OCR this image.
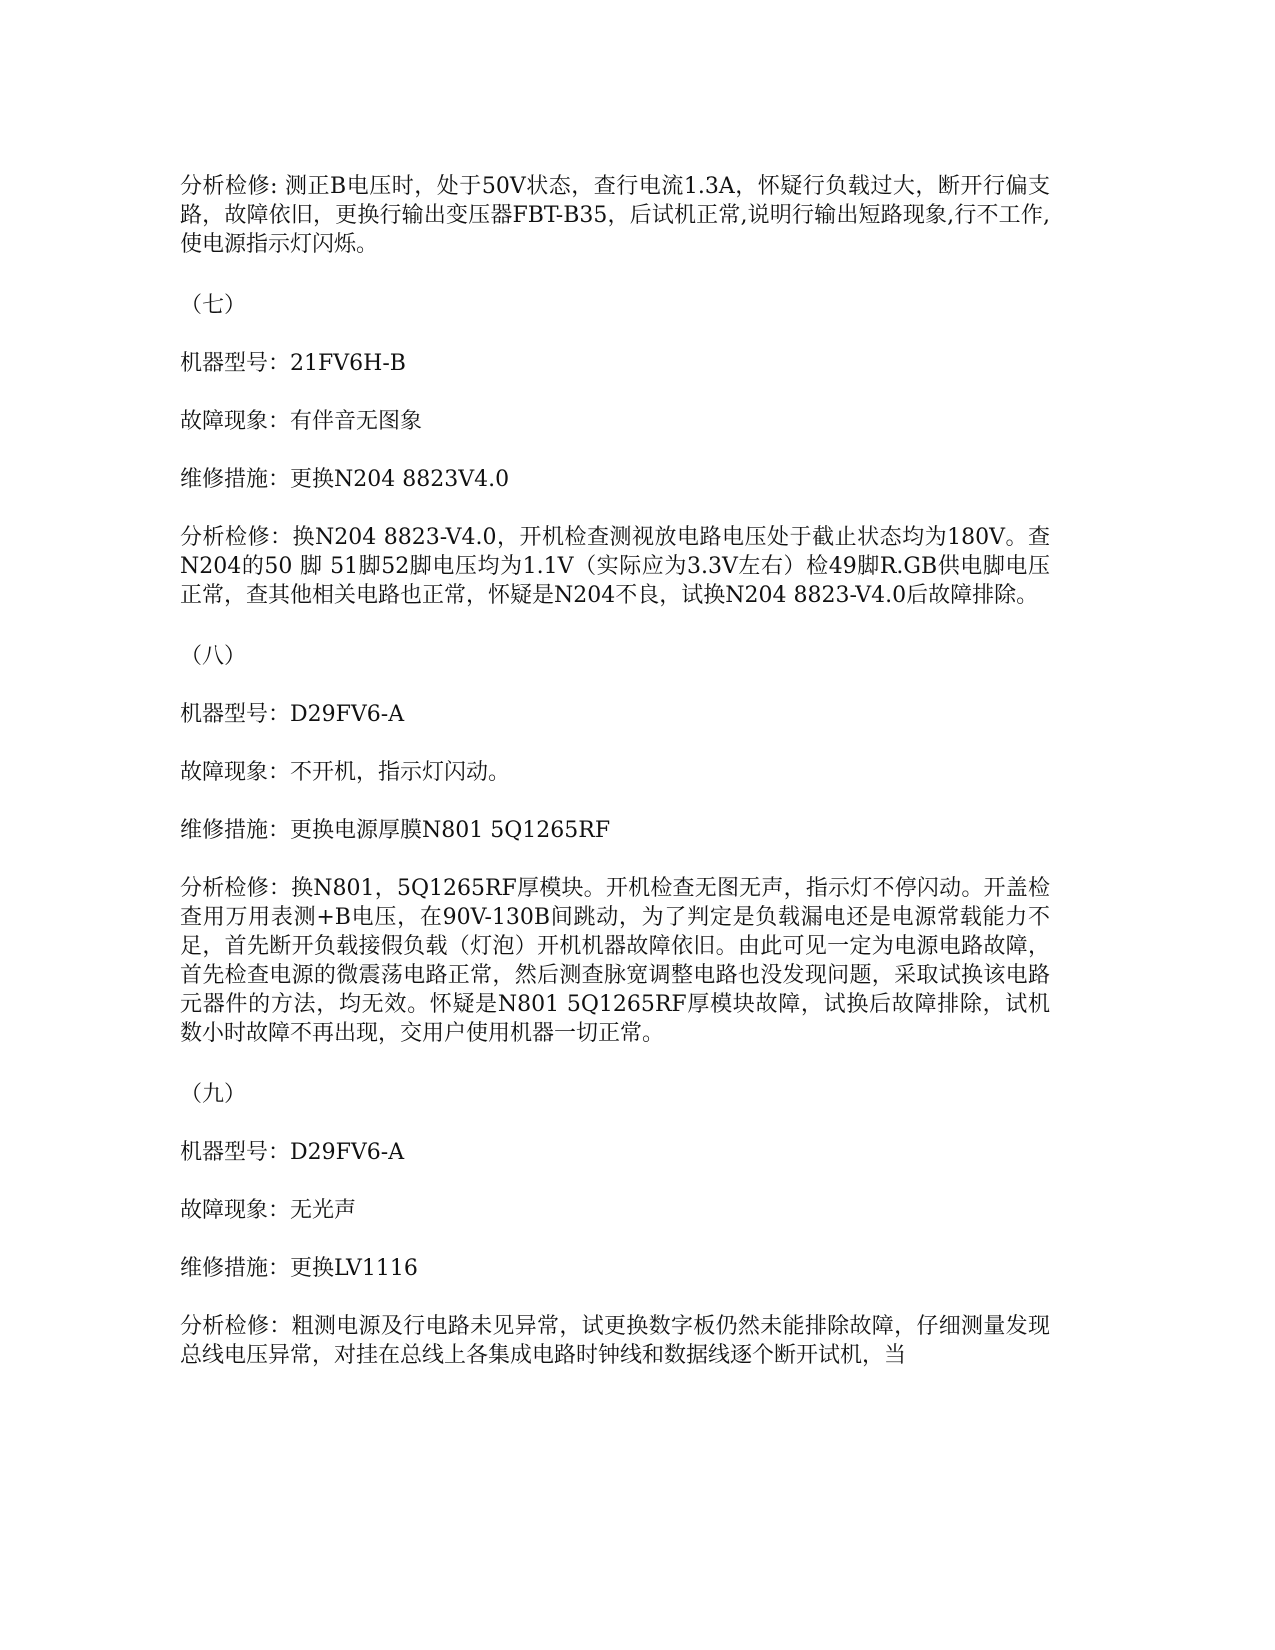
分析检修: 测正B电压时，处于50V状态，查行电流1.3A，怀疑行负载过大，断开行偏支路，故障依旧，更换行输出变压器FBT-B35，后试机正常,说明行输出短路现象,行不工作,使电源指示灯闪烁。

（七）

机器型号：21FV6H-B

故障现象：有伴音无图象

维修措施：更换N204 8823V4.0

分析检修：换N204 8823-V4.0，开机检查测视放电路电压处于截止状态均为180V。查N204的50 脚 51脚52脚电压均为1.1V（实际应为3.3V左右）检49脚R.GB供电脚电压正常，查其他相关电路也正常，怀疑是N204不良，试换N204 8823-V4.0后故障排除。

（八）

机器型号：D29FV6-A

故障现象：不开机，指示灯闪动。

维修措施：更换电源厚膜N801 5Q1265RF

分析检修：换N801，5Q1265RF厚模块。开机检查无图无声，指示灯不停闪动。开盖检查用万用表测+B电压，在90V-130B间跳动，为了判定是负载漏电还是电源常载能力不足，首先断开负载接假负载（灯泡）开机机器故障依旧。由此可见一定为电源电路故障，首先检查电源的微震荡电路正常，然后测查脉宽调整电路也没发现问题，采取试换该电路元器件的方法，均无效。怀疑是N801 5Q1265RF厚模块故障，试换后故障排除，试机数小时故障不再出现，交用户使用机器一切正常。

（九）

机器型号：D29FV6-A

故障现象：无光声

维修措施：更换LV1116

分析检修：粗测电源及行电路未见异常，试更换数字板仍然未能排除故障，仔细测量发现总线电压异常，对挂在总线上各集成电路时钟线和数据线逐个断开试机，当
